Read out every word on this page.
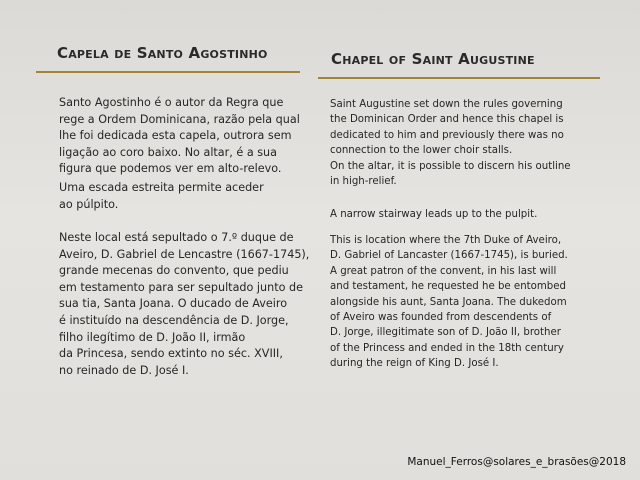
Capela de Santo Agostinho	Chapel of Saint Augustine

Santo Agostinho é o autor da Regra que
rege a Ordem Dominicana, razão pela qual
lhe foi dedicada esta capela, outrora sem
ligação ao coro baixo. No altar, é a sua
figura que podemos ver em alto-relevo.

Uma escada estreita permite aceder
ao púlpito.

Neste local está sepultado o 7.º duque de
Aveiro, D. Gabriel de Lencastre (1667-1745),
grande mecenas do convento, que pediu
em testamento para ser sepultado junto de
sua tia, Santa Joana. O ducado de Aveiro
é instituído na descendência de D. Jorge,
filho ilegítimo de D. João II, irmão
da Princesa, sendo extinto no séc. XVIII,
no reinado de D. José I.

Saint Augustine set down the rules governing
the Dominican Order and hence this chapel is
dedicated to him and previously there was no
connection to the lower choir stalls.
On the altar, it is possible to discern his outline
in high-relief.

A narrow stairway leads up to the pulpit.

This is location where the 7th Duke of Aveiro,
D. Gabriel of Lancaster (1667-1745), is buried.
A great patron of the convent, in his last will
and testament, he requested he be entombed
alongside his aunt, Santa Joana. The dukedom
of Aveiro was founded from descendents of
D. Jorge, illegitimate son of D. João II, brother
of the Princess and ended in the 18th century
during the reign of King D. José I.

Manuel_Ferros@solares_e_brasões@2018
